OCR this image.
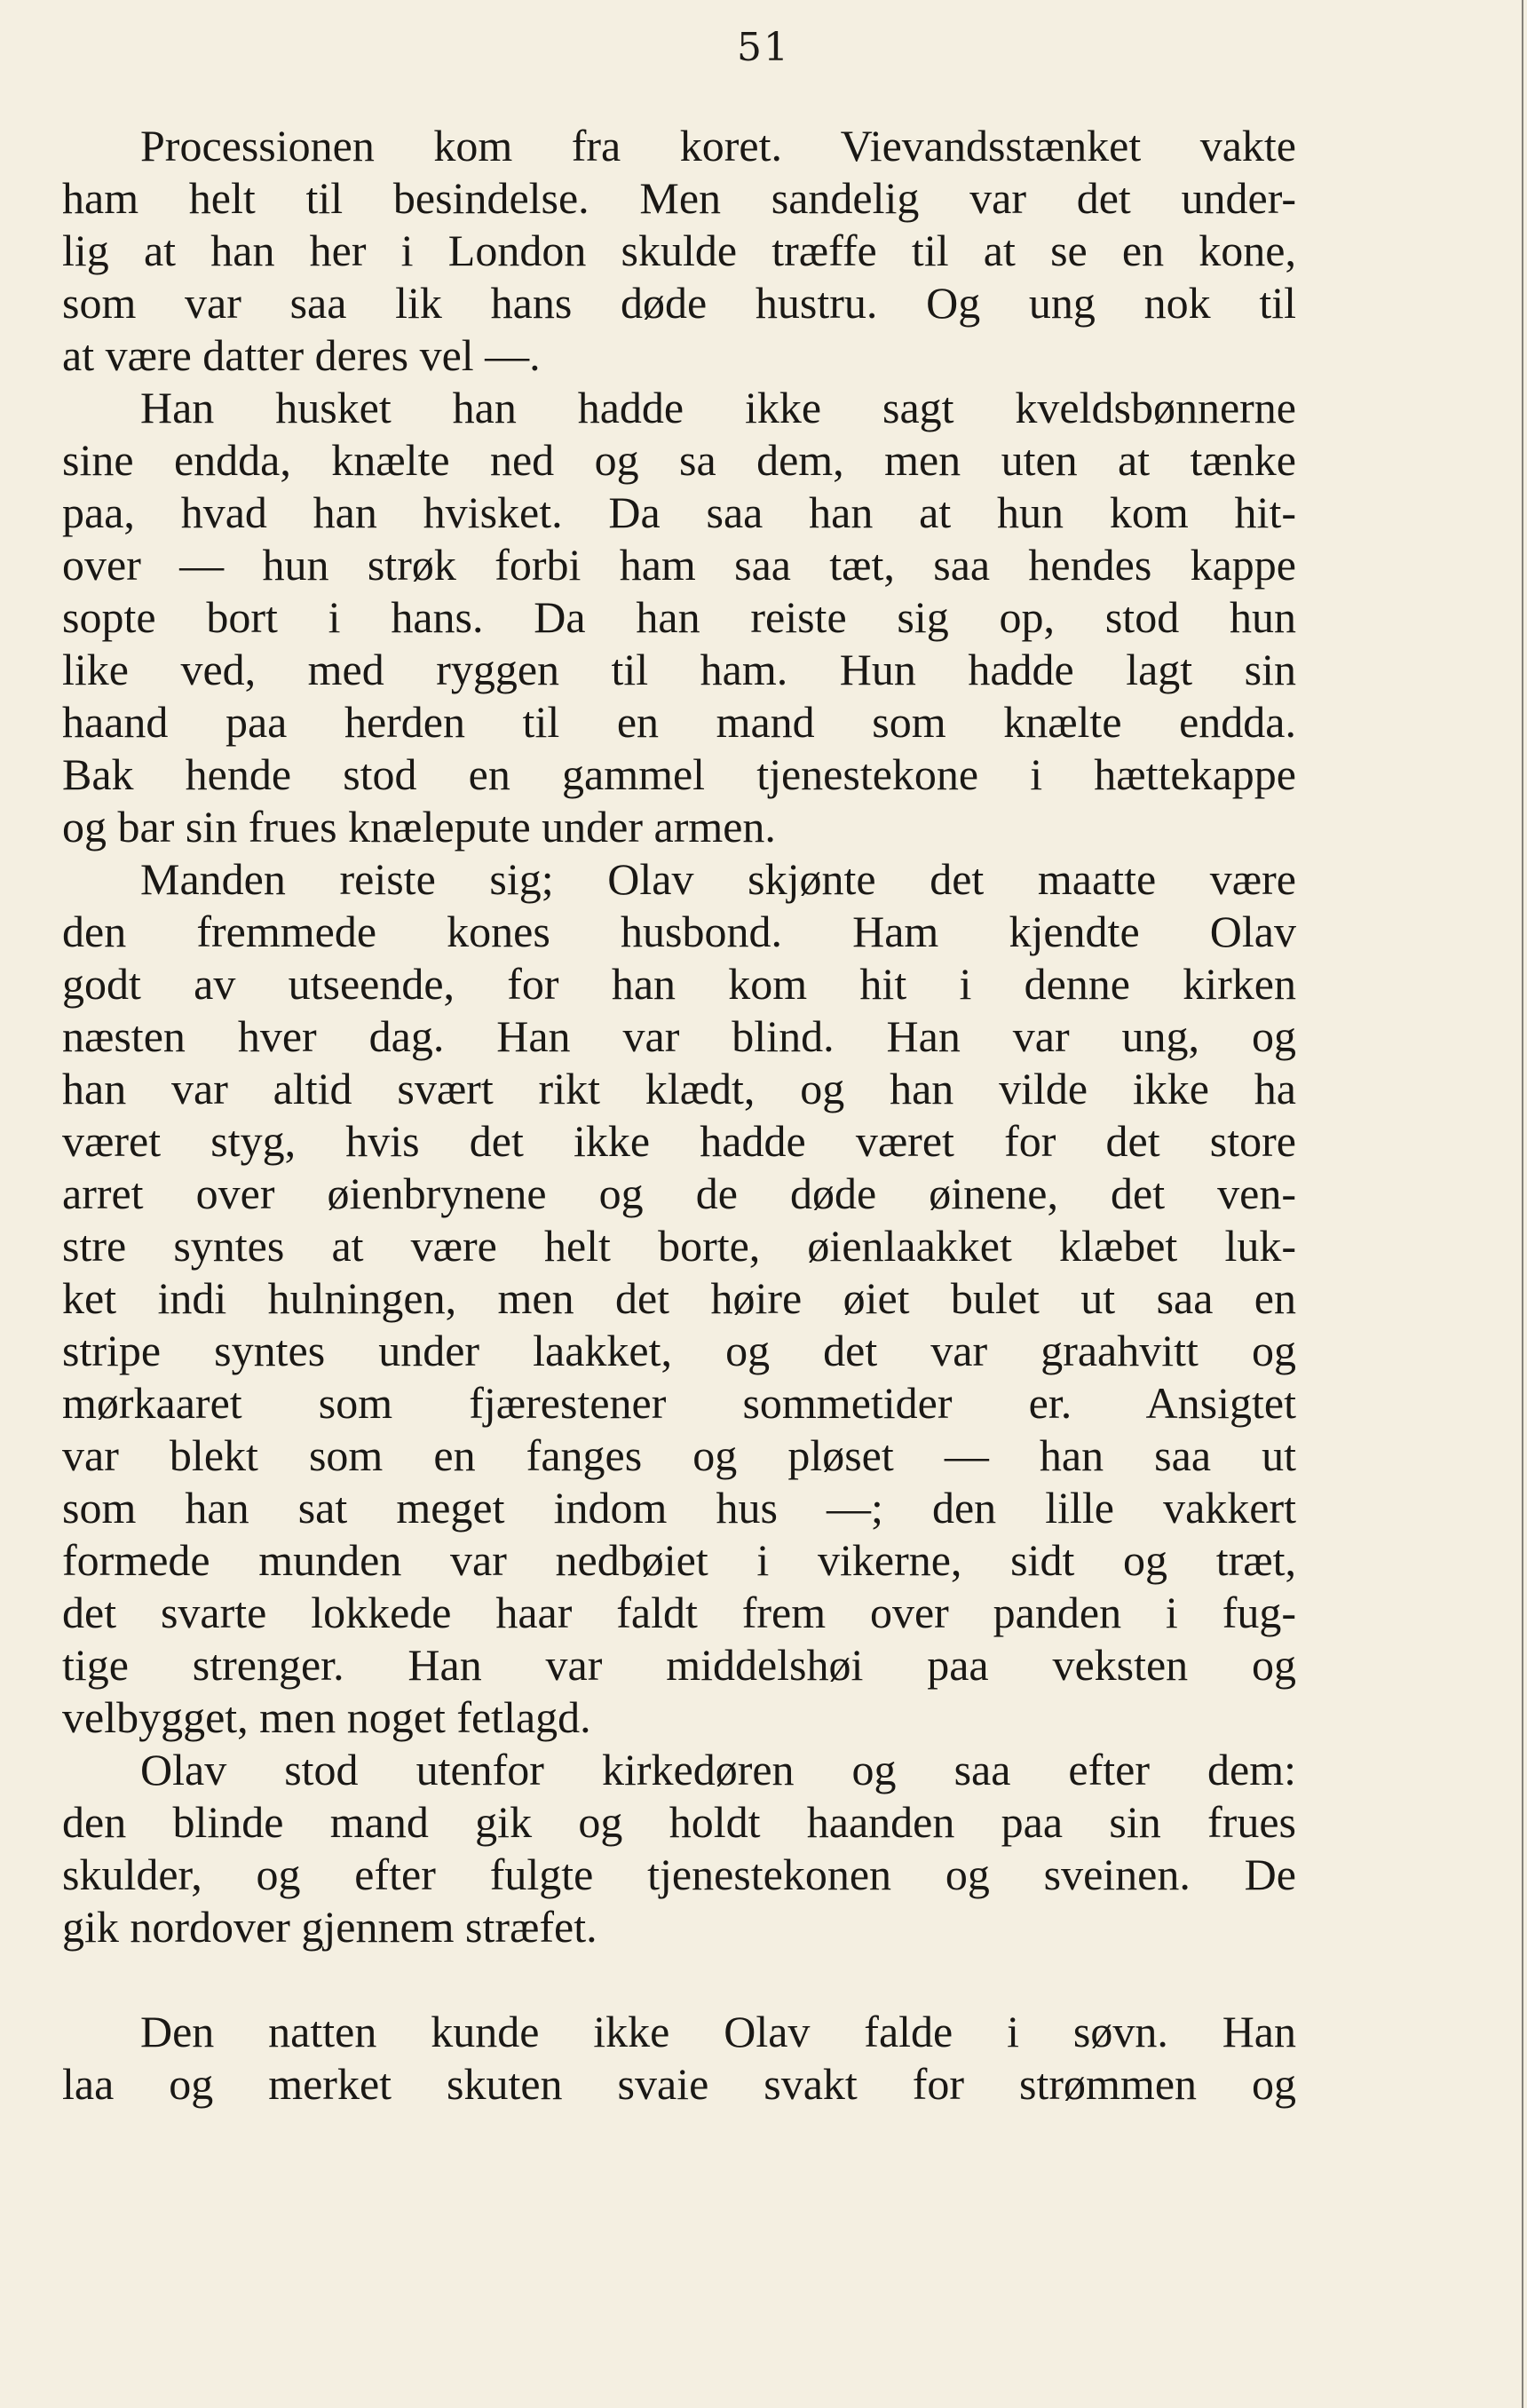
51
Processionen kom fra koret. Vievandsstænket vakte
ham helt til besindelse. Men sandelig var det under-
lig at han her i London skulde træffe til at se en kone,
som var saa lik hans døde hustru. Og ung nok til
at være datter deres vel —.
Han husket han hadde ikke sagt kveldsbønnerne
sine endda, knælte ned og sa dem, men uten at tænke
paa, hvad han hvisket. Da saa han at hun kom hit-
over — hun strøk forbi ham saa tæt, saa hendes kappe
sopte bort i hans. Da han reiste sig op, stod hun
like ved, med ryggen til ham. Hun hadde lagt sin
haand paa herden til en mand som knælte endda.
Bak hende stod en gammel tjenestekone i hættekappe
og bar sin frues knælepute under armen.
Manden reiste sig; Olav skjønte det maatte være
den fremmede kones husbond. Ham kjendte Olav
godt av utseende, for han kom hit i denne kirken
næsten hver dag. Han var blind. Han var ung, og
han var altid svært rikt klædt, og han vilde ikke ha
været styg, hvis det ikke hadde været for det store
arret over øienbrynene og de døde øinene, det ven-
stre syntes at være helt borte, øienlaakket klæbet luk-
ket indi hulningen, men det høire øiet bulet ut saa en
stripe syntes under laakket, og det var graahvitt og
mørkaaret som fjærestener sommetider er. Ansigtet
var blekt som en fanges og pløset — han saa ut
som han sat meget indom hus —; den lille vakkert
formede munden var nedbøiet i vikerne, sidt og træt,
det svarte lokkede haar faldt frem over panden i fug-
tige strenger. Han var middelshøi paa veksten og
velbygget, men noget fetlagd.
Olav stod utenfor kirkedøren og saa efter dem:
den blinde mand gik og holdt haanden paa sin frues
skulder, og efter fulgte tjenestekonen og sveinen. De
gik nordover gjennem stræfet.
Den natten kunde ikke Olav falde i søvn. Han
laa og merket skuten svaie svakt for strømmen og
